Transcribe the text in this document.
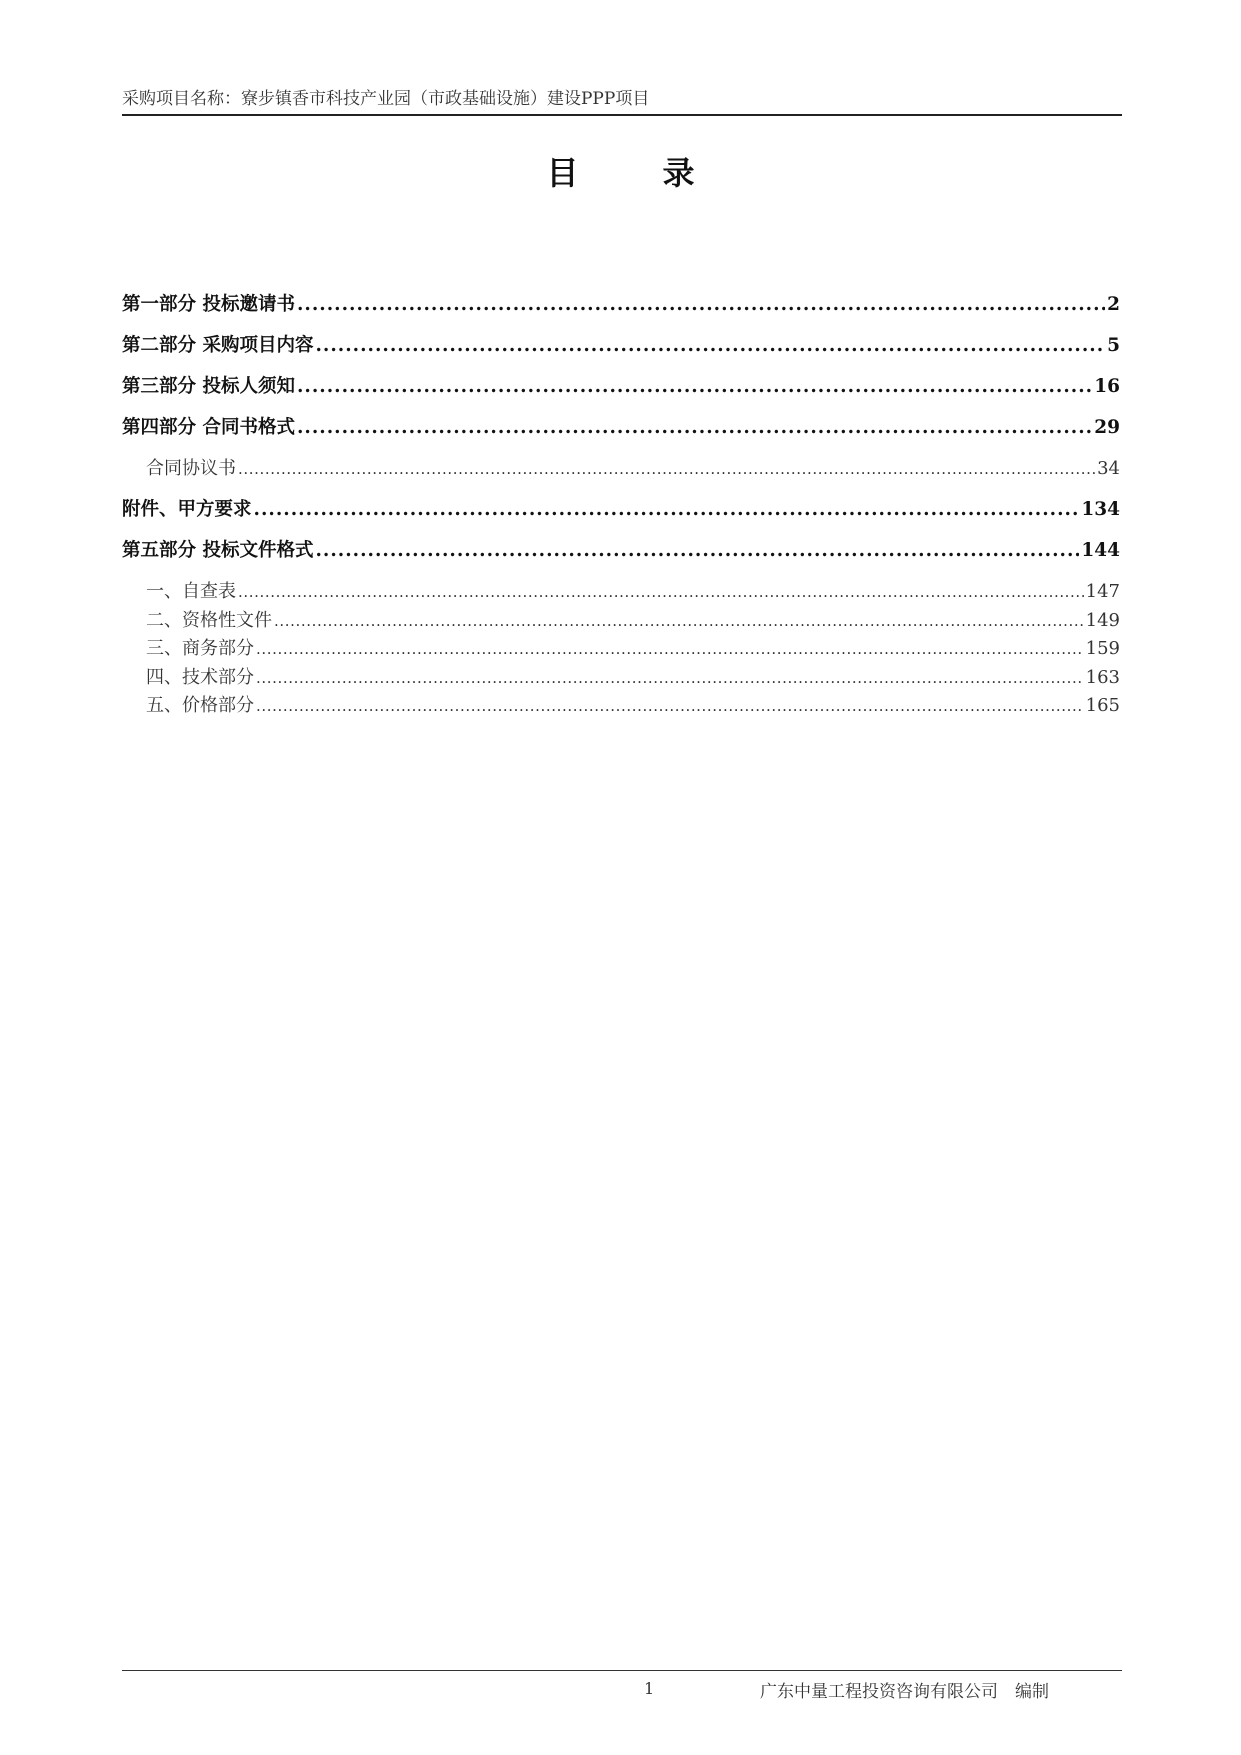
采购项目名称：寮步镇香市科技产业园（市政基础设施）建设PPP项目
目　录
第一部分 投标邀请书 .....	2
第二部分 采购项目内容 .....	5
第三部分 投标人须知 .....	16
第四部分 合同书格式 .....	29
合同协议书 .....	34
附件、甲方要求 .....	134
第五部分 投标文件格式 .....	144
一、自查表 .....	147
二、资格性文件 .....	149
三、商务部分 .....	159
四、技术部分 .....	163
五、价格部分 .....	165
1	广东中量工程投资咨询有限公司　编制
